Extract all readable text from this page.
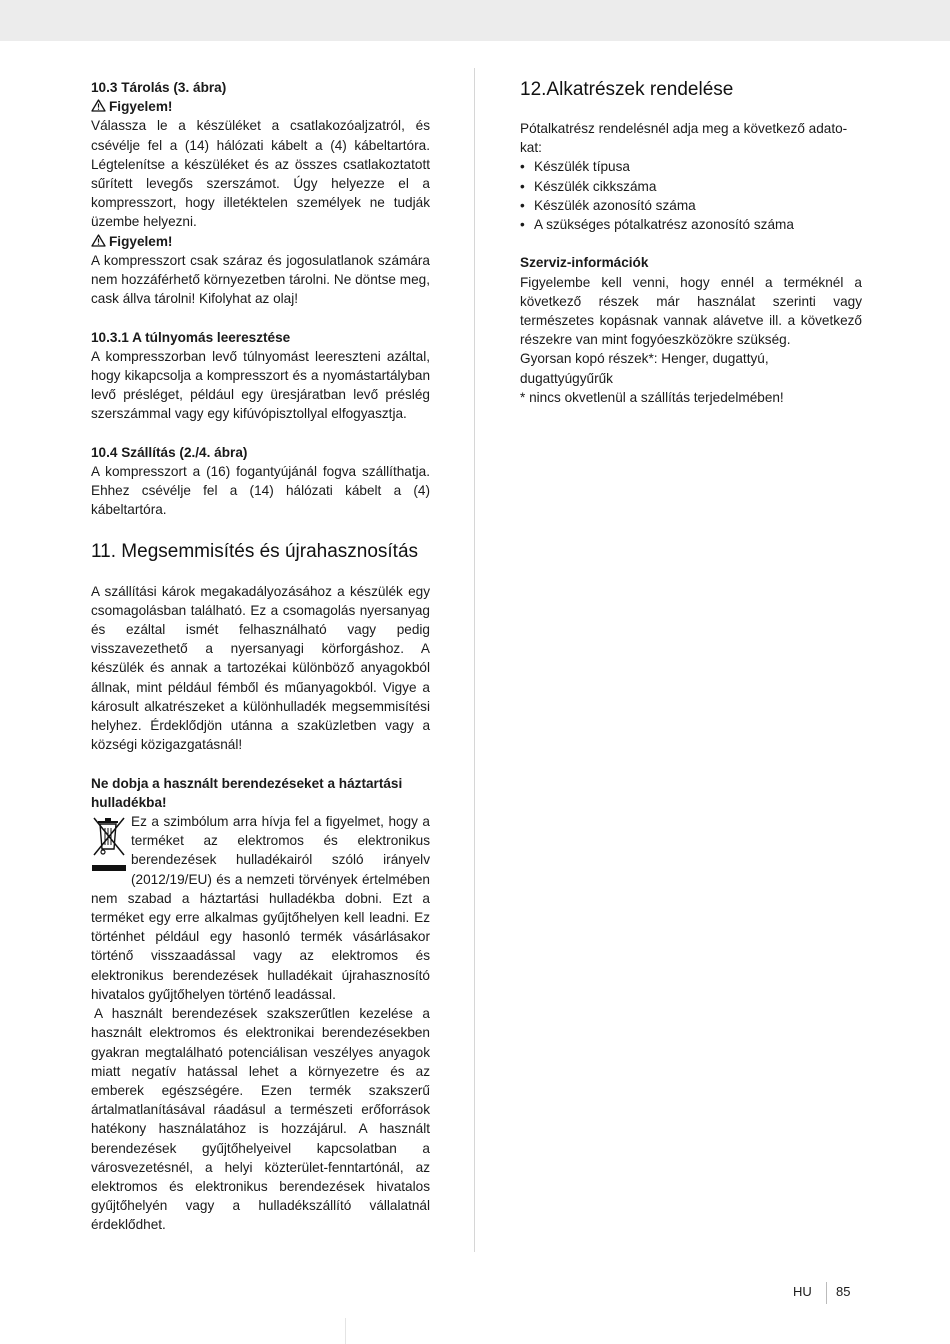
10.3 Tárolás (3. ábra)

Figyelem!

Válassza le a készüléket a csatlakozóaljzatról, és csévélje fel a (14) hálózati kábelt a (4) kábeltartóra. Légtelenítse a készüléket és az összes csatlakoztatott sűrített levegős szerszámot. Úgy helyezze el a kompresszort, hogy illetéktelen személyek ne tudják üzembe helyezni.

Figyelem!

A kompresszort csak száraz és jogosulatlanok számára nem hozzáférhető környezetben tárolni. Ne döntse meg, cask állva tárolni! Kifolyhat az olaj!

10.3.1 A túlnyomás leeresztése

A kompresszorban levő túlnyomást leereszteni azáltal, hogy kikapcsolja a kompresszort és a nyomástartályban levő présléget, például egy üresjáratban levő préslég szerszámmal vagy egy kifúvópisztollyal elfogyasztja.

10.4 Szállítás (2./4. ábra)

A kompresszort a (16) fogantyújánál fogva szállíthatja. Ehhez csévélje fel a (14) hálózati kábelt a (4) kábeltartóra.

11. Megsemmisítés és újrahasznosítás

A szállítási károk megakadályozásához a készülék egy csomagolásban található. Ez a csomagolás nyersanyag és ezáltal ismét felhasználható vagy pedig visszavezethető a nyersanyagi körforgáshoz. A készülék és annak a tartozékai különböző anyagokból állnak, mint például fémből és műanyagokból. Vigye a károsult alkatrészeket a különhulladék megsemmisítési helyhez. Érdeklődjön utánna a szaküzletben vagy a községi közigazgatásnál!

Ne dobja a használt berendezéseket a háztartási hulladékba!

Ez a szimbólum arra hívja fel a figyelmet, hogy a terméket az elektromos és elektronikus berendezések hulladékairól szóló irányelv (2012/19/EU) és a nemzeti törvények értelmében nem szabad a háztartási hulladékba dobni. Ezt a terméket egy erre alkalmas gyűjtőhelyen kell leadni. Ez történhet például egy hasonló termék vásárlásakor történő visszaadással vagy az elektromos és elektronikus berendezések hulladékait újrahasznosító hivatalos gyűjtőhelyen történő leadással.

A használt berendezések szakszerűtlen kezelése a használt elektromos és elektronikai berendezésekben gyakran megtalálható potenciálisan veszélyes anyagok miatt negatív hatással lehet a környezetre és az emberek egészségére. Ezen termék szakszerű ártalmatlanításával ráadásul a természeti erőforrások hatékony használatához is hozzájárul. A használt berendezések gyűjtőhelyeivel kapcsolatban a városvezetésnél, a helyi közterület-fenntartónál, az elektromos és elektronikus berendezések hivatalos gyűjtőhelyén vagy a hulladékszállító vállalatnál érdeklődhet.

12.Alkatrészek rendelése

Pótalkatrész rendelésnél adja meg a következő adato-kat:

• Készülék típusa
• Készülék cikkszáma
• Készülék azonosító száma
• A szükséges pótalkatrész azonosító száma

Szerviz-információk

Figyelembe kell venni, hogy ennél a terméknél a következő részek már használat szerinti vagy természetes kopásnak vannak alávetve ill. a következő részekre van mint fogyóeszközökre szükség.

Gyorsan kopó részek*: Henger, dugattyú, dugattyúgyűrűk

* nincs okvetlenül a szállítás terjedelmében!

HU 85
